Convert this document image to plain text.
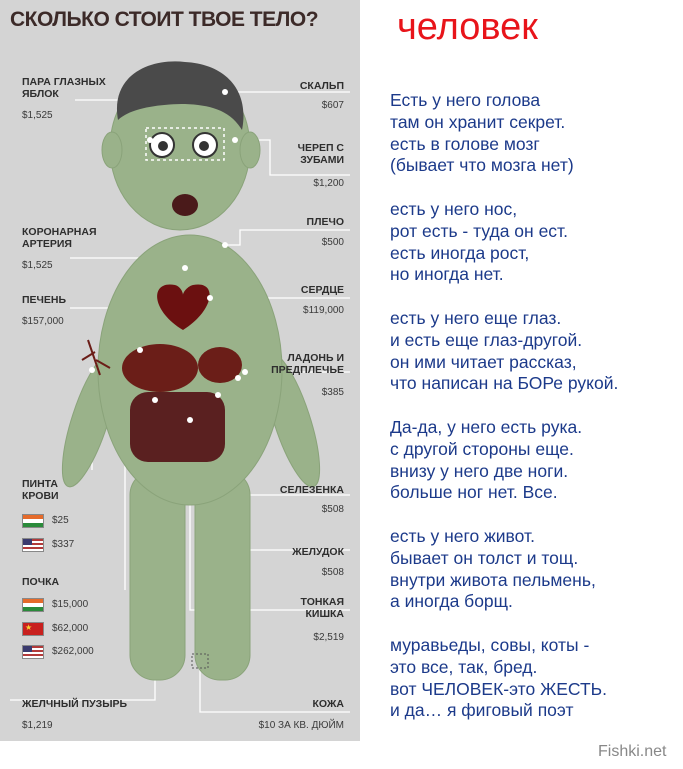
СКОЛЬКО СТОИТ ТВОЕ ТЕЛО?
ПАРА ГЛАЗНЫХ ЯБЛОК
$1,525
КОРОНАРНАЯ АРТЕРИЯ
$1,525
ПЕЧЕНЬ
$157,000
ПИНТА КРОВИ
$25
$337
ПОЧКА
$15,000
★
$62,000
$262,000
ЖЕЛЧНЫЙ ПУЗЫРЬ
$1,219
СКАЛЬП
$607
ЧЕРЕП С ЗУБАМИ
$1,200
ПЛЕЧО
$500
СЕРДЦЕ
$119,000
ЛАДОНЬ И ПРЕДПЛЕЧЬЕ
$385
СЕЛЕЗЕНКА
$508
ЖЕЛУДОК
$508
ТОНКАЯ КИШКА
$2,519
КОЖА
$10 ЗА КВ. ДЮЙМ
человек
Есть у него голова
там он хранит секрет.
есть в голове мозг
(бывает что мозга нет)
есть у него нос,
рот есть - туда он ест.
есть иногда рост,
но иногда нет.
есть у него еще глаз.
и есть еще глаз-другой.
он ими читает рассказ,
что написан на БОРе рукой.
Да-да, у него есть рука.
с другой стороны еще.
внизу у него две ноги.
больше ног нет. Все.
есть у него живот.
бывает он толст и тощ.
внутри живота пельмень,
а иногда борщ.
муравьеды, совы, коты -
это все, так, бред.
вот ЧЕЛОВЕК-это ЖЕСТЬ.
и да… я фиговый поэт
Fishki.net
